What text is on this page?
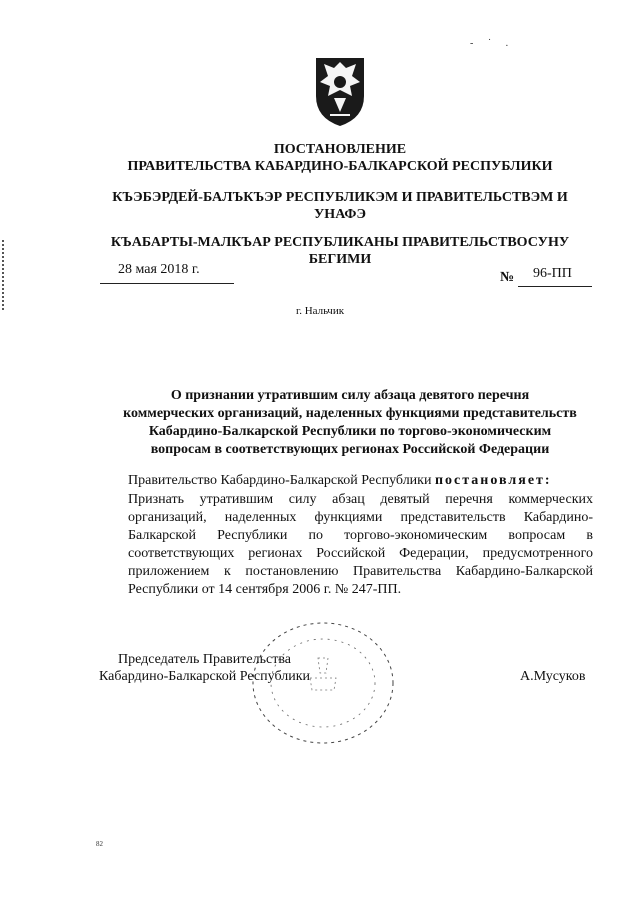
‑ ˙ .
ПОСТАНОВЛЕНИЕ
ПРАВИТЕЛЬСТВА КАБАРДИНО-БАЛКАРСКОЙ РЕСПУБЛИКИ
КЪЭБЭРДЕЙ-БАЛЪКЪЭР РЕСПУБЛИКЭМ И ПРАВИТЕЛЬСТВЭМ И
УНАФЭ
КЪАБАРТЫ-МАЛКЪАР РЕСПУБЛИКАНЫ ПРАВИТЕЛЬСТВОСУНУ
БЕГИМИ
28 мая 2018 г.
№ 96-ПП
г. Нальчик
О признании утратившим силу абзаца девятого перечня
коммерческих организаций, наделенных функциями представительств
Кабардино-Балкарской Республики по торгово-экономическим
вопросам в соответствующих регионах Российской Федерации
Правительство Кабардино-Балкарской Республики постановляет:
Признать утратившим силу абзац девятый перечня коммерческих
организаций, наделенных функциями представительств Кабардино-
Балкарской Республики по торгово-экономическим вопросам в
соответствующих регионах Российской Федерации, предусмотренного
приложением к постановлению Правительства Кабардино-Балкарской
Республики от 14 сентября 2006 г. № 247-ПП.
Председатель Правительства
Кабардино-Балкарской Республики	А.Мусуков
82
